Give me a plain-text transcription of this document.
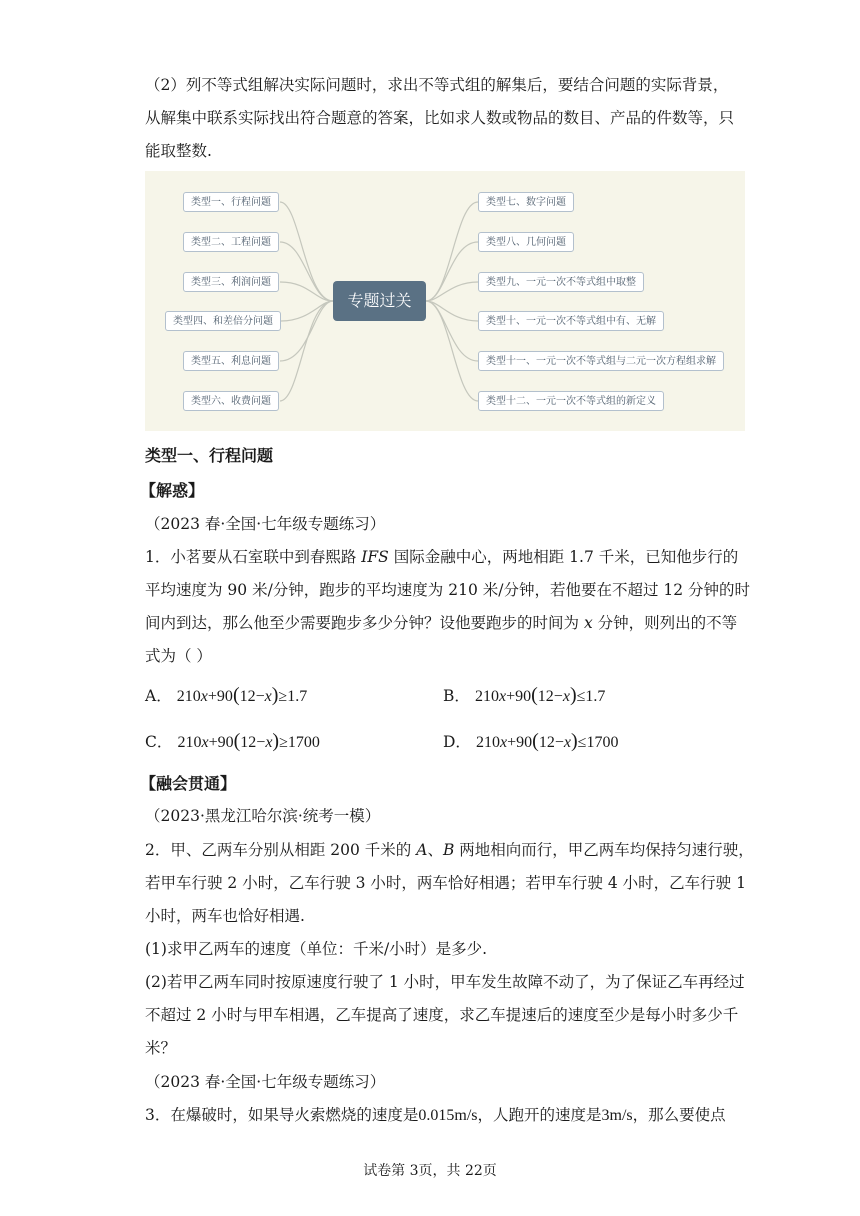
（2）列不等式组解决实际问题时，求出不等式组的解集后，要结合问题的实际背景，
从解集中联系实际找出符合题意的答案，比如求人数或物品的数目、产品的件数等，只
能取整数.
类型一、行程问题
类型二、工程问题
类型三、利润问题
类型四、和差倍分问题
类型五、利息问题
类型六、收费问题
专题过关
类型七、数字问题
类型八、几何问题
类型九、一元一次不等式组中取整
类型十、一元一次不等式组中有、无解
类型十一、一元一次不等式组与二元一次方程组求解
类型十二、一元一次不等式组的新定义
类型一、行程问题
【解惑】
（2023 春·全国·七年级专题练习）
1．小茗要从石室联中到春熙路 IFS 国际金融中心，两地相距 1.7 千米，已知他步行的
平均速度为 90 米/分钟，跑步的平均速度为 210 米/分钟，若他要在不超过 12 分钟的时
间内到达，那么他至少需要跑步多少分钟？设他要跑步的时间为 x 分钟，则列出的不等
式为（ ）
A． 210x+90(12−x)≥1.7	B． 210x+90(12−x)≤1.7
C． 210x+90(12−x)≥1700	D． 210x+90(12−x)≤1700
【融会贯通】
（2023·黑龙江哈尔滨·统考一模）
2．甲、乙两车分别从相距 200 千米的 A、B 两地相向而行，甲乙两车均保持匀速行驶，
若甲车行驶 2 小时，乙车行驶 3 小时，两车恰好相遇；若甲车行驶 4 小时，乙车行驶 1
小时，两车也恰好相遇.
(1)求甲乙两车的速度（单位：千米/小时）是多少.
(2)若甲乙两车同时按原速度行驶了 1 小时，甲车发生故障不动了，为了保证乙车再经过
不超过 2 小时与甲车相遇，乙车提高了速度，求乙车提速后的速度至少是每小时多少千
米？
（2023 春·全国·七年级专题练习）
3．在爆破时，如果导火索燃烧的速度是0.015m/s，人跑开的速度是3m/s，那么要使点
试卷第 3页，共 22页
